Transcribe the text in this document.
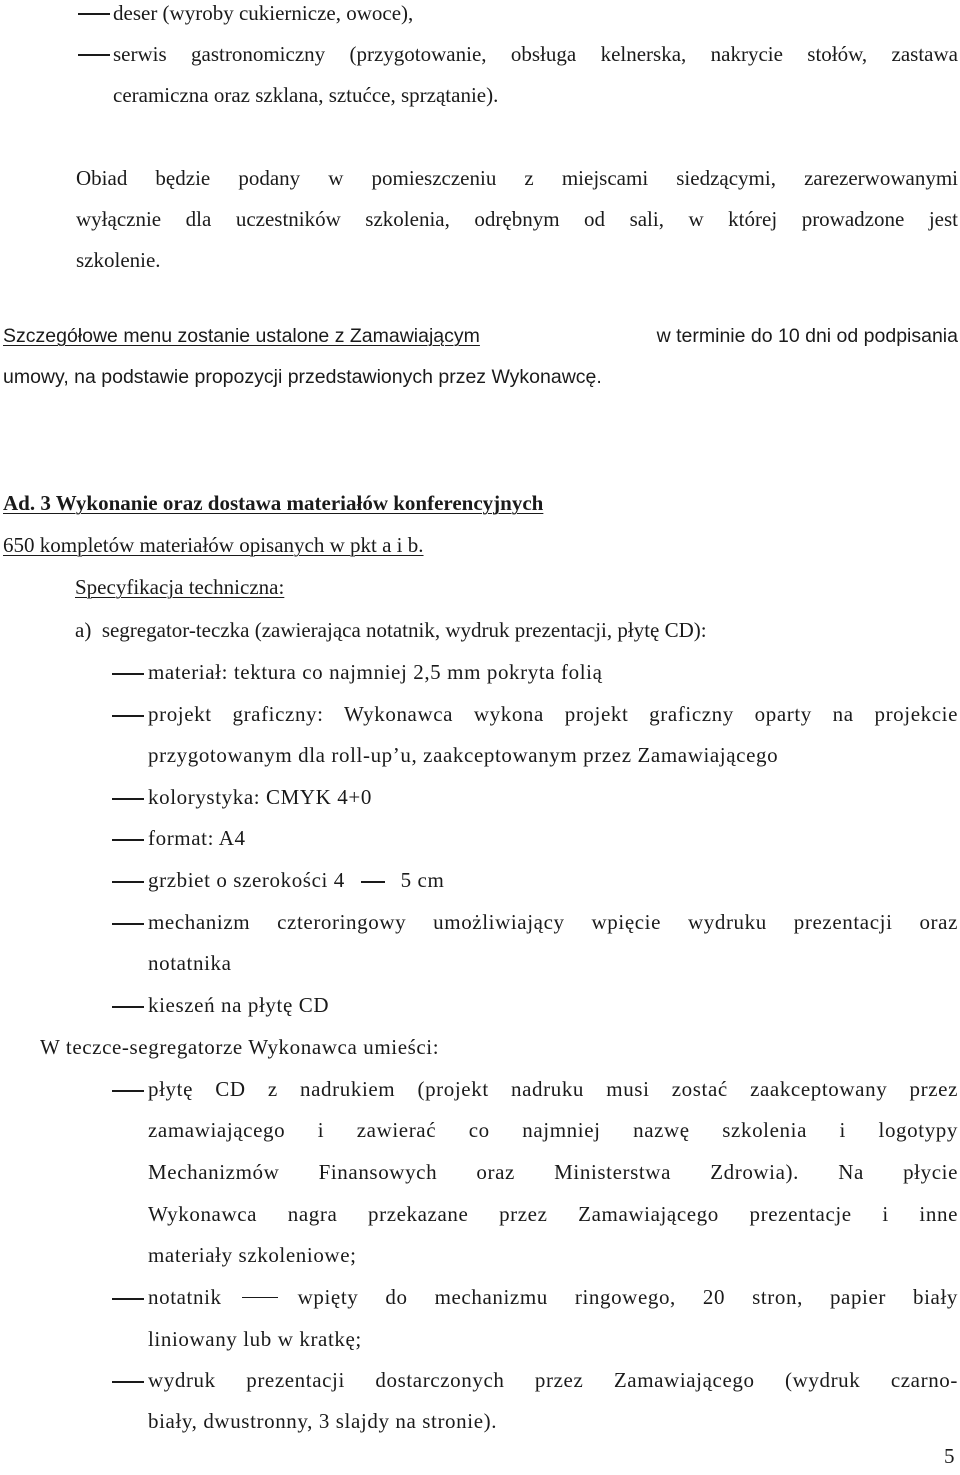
deser (wyroby cukiernicze, owoce),
serwis gastronomiczny (przygotowanie, obsługa kelnerska, nakrycie stołów, zastawa
ceramiczna oraz szklana, sztućce, sprzątanie).
Obiad będzie podany w pomieszczeniu z miejscami siedzącymi, zarezerwowanymi
wyłącznie dla uczestników szkolenia, odrębnym od sali, w której prowadzone jest
szkolenie.
Szczegółowe menu zostanie ustalone z Zamawiającym	w terminie do 10 dni od podpisania
umowy, na podstawie propozycji przedstawionych przez Wykonawcę.
Ad. 3 Wykonanie oraz dostawa materiałów konferencyjnych
650 kompletów materiałów opisanych w pkt a i b.
Specyfikacja techniczna:
a)  segregator-teczka (zawierająca notatnik, wydruk prezentacji, płytę CD):
materiał: tektura co najmniej 2,5 mm pokryta folią
projekt graficzny: Wykonawca wykona projekt graficzny oparty na projekcie
przygotowanym dla roll-up’u, zaakceptowanym przez Zamawiającego
kolorystyka: CMYK 4+0
format: A4
grzbiet o szerokości 4	5 cm
mechanizm czteroringowy umożliwiający wpięcie wydruku prezentacji oraz
notatnika
kieszeń na płytę CD
W teczce-segregatorze Wykonawca umieści:
płytę CD z nadrukiem (projekt nadruku musi zostać zaakceptowany przez
zamawiającego i zawierać co najmniej nazwę szkolenia i logotypy
Mechanizmów Finansowych oraz Ministerstwa Zdrowia). Na płycie
Wykonawca nagra przekazane przez Zamawiającego prezentacje i inne
materiały szkoleniowe;
notatnik	wpięty do mechanizmu ringowego, 20 stron, papier biały
liniowany lub w kratkę;
wydruk prezentacji dostarczonych przez Zamawiającego (wydruk czarno-
biały, dwustronny, 3 slajdy na stronie).
5
